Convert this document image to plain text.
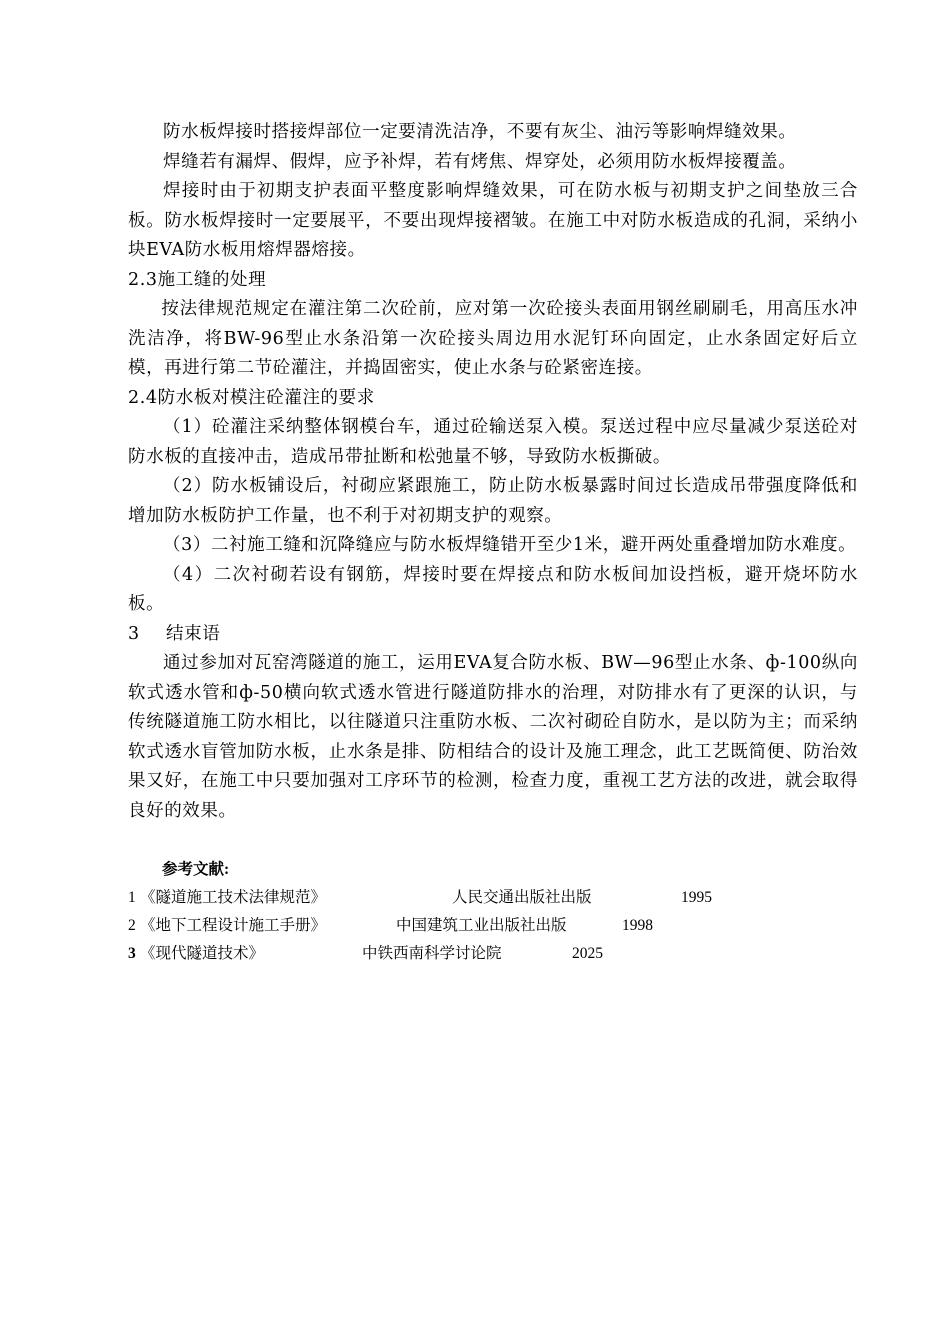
防水板焊接时搭接焊部位一定要清洗洁净，不要有灰尘、油污等影响焊缝效果。

焊缝若有漏焊、假焊，应予补焊，若有烤焦、焊穿处，必须用防水板焊接覆盖。

焊接时由于初期支护表面平整度影响焊缝效果，可在防水板与初期支护之间垫放三合板。防水板焊接时一定要展平，不要出现焊接褶皱。在施工中对防水板造成的孔洞，采纳小块EVA防水板用熔焊器熔接。

2.3施工缝的处理

按法律规范规定在灌注第二次砼前，应对第一次砼接头表面用钢丝刷刷毛，用高压水冲洗洁净，将BW-96型止水条沿第一次砼接头周边用水泥钉环向固定，止水条固定好后立模，再进行第二节砼灌注，并捣固密实，使止水条与砼紧密连接。

2.4防水板对模注砼灌注的要求

（1）砼灌注采纳整体钢模台车，通过砼输送泵入模。泵送过程中应尽量减少泵送砼对防水板的直接冲击，造成吊带扯断和松弛量不够，导致防水板撕破。

（2）防水板铺设后，衬砌应紧跟施工，防止防水板暴露时间过长造成吊带强度降低和增加防水板防护工作量，也不利于对初期支护的观察。

（3）二衬施工缝和沉降缝应与防水板焊缝错开至少1米，避开两处重叠增加防水难度。

（4）二次衬砌若设有钢筋，焊接时要在焊接点和防水板间加设挡板，避开烧坏防水板。

3 结束语

通过参加对瓦窑湾隧道的施工，运用EVA复合防水板、BW—96型止水条、ф-100纵向软式透水管和ф-50横向软式透水管进行隧道防排水的治理，对防排水有了更深的认识，与传统隧道施工防水相比，以往隧道只注重防水板、二次衬砌砼自防水，是以防为主；而采纳软式透水盲管加防水板，止水条是排、防相结合的设计及施工理念，此工艺既简便、防治效果又好，在施工中只要加强对工序环节的检测，检查力度，重视工艺方法的改进，就会取得良好的效果。

参考文献:
1 《隧道施工技术法律规范》	人民交通出版社出版	1995
2 《地下工程设计施工手册》	中国建筑工业出版社出版	1998
3 《现代隧道技术》	中铁西南科学讨论院	2025
